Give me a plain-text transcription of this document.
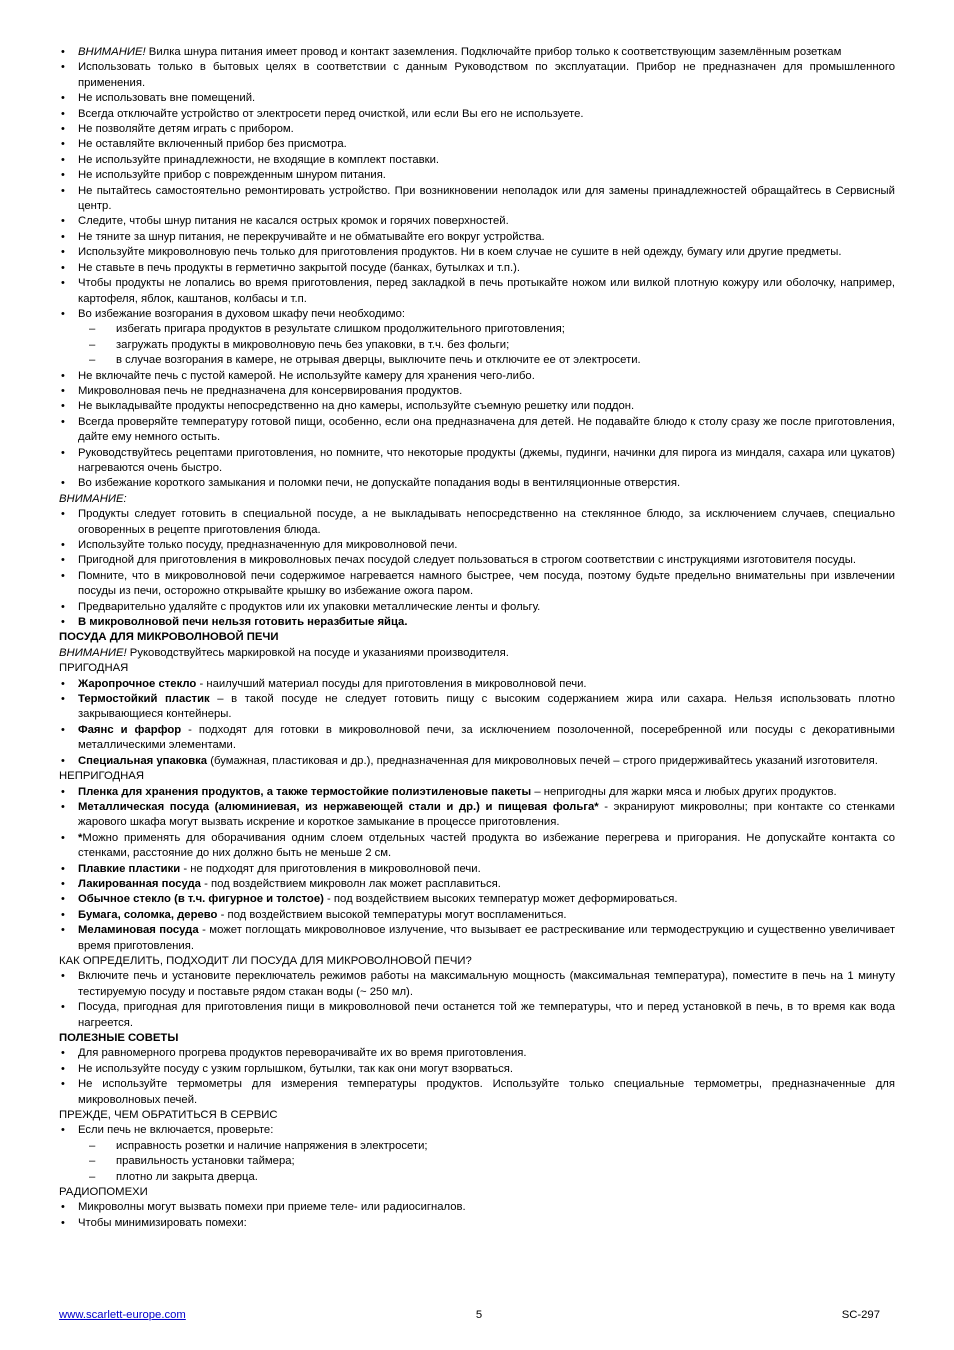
• ВНИМАНИЕ! Вилка шнура питания имеет провод и контакт заземления. Подключайте прибор только к соответствующим заземлённым розеткам
• Использовать только в бытовых целях в соответствии с данным Руководством по эксплуатации. Прибор не предназначен для промышленного применения.
• Не использовать вне помещений.
• Всегда отключайте устройство от электросети перед очисткой, или если Вы его не используете.
• Не позволяйте детям играть с прибором.
• Не оставляйте включенный прибор без присмотра.
• Не используйте принадлежности, не входящие в комплект поставки.
• Не используйте прибор с поврежденным шнуром питания.
• Не пытайтесь самостоятельно ремонтировать устройство. При возникновении неполадок или для замены принадлежностей обращайтесь в Сервисный центр.
• Следите, чтобы шнур питания не касался острых кромок и горячих поверхностей.
• Не тяните за шнур питания, не перекручивайте и не обматывайте его вокруг устройства.
• Используйте микроволновую печь только для приготовления продуктов. Ни в коем случае не сушите в ней одежду, бумагу или другие предметы.
• Не ставьте в печь продукты в герметично закрытой посуде (банках, бутылках и т.п.).
• Чтобы продукты не лопались во время приготовления, перед закладкой в печь протыкайте ножом или вилкой плотную кожуру или оболочку, например, картофеля, яблок, каштанов, колбасы и т.п.
• Во избежание возгорания в духовом шкафу печи необходимо:
– избегать пригара продуктов в результате слишком продолжительного приготовления;
– загружать продукты в микроволновую печь без упаковки, в т.ч. без фольги;
– в случае возгорания в камере, не отрывая дверцы, выключите печь и отключите ее от электросети.
• Не включайте печь с пустой камерой. Не используйте камеру для хранения чего-либо.
• Микроволновая печь не предназначена для консервирования продуктов.
• Не выкладывайте продукты непосредственно на дно камеры, используйте съемную решетку или поддон.
• Всегда проверяйте температуру готовой пищи, особенно, если она предназначена для детей. Не подавайте блюдо к столу сразу же после приготовления, дайте ему немного остыть.
• Руководствуйтесь рецептами приготовления, но помните, что некоторые продукты (джемы, пудинги, начинки для пирога из миндаля, сахара или цукатов) нагреваются очень быстро.
• Во избежание короткого замыкания и поломки печи, не допускайте попадания воды в вентиляционные отверстия.
ВНИМАНИЕ:
• Продукты следует готовить в специальной посуде, а не выкладывать непосредственно на стеклянное блюдо, за исключением случаев, специально оговоренных в рецепте приготовления блюда.
• Используйте только посуду, предназначенную для микроволновой печи.
• Пригодной для приготовления в микроволновых печах посудой следует пользоваться в строгом соответствии с инструкциями изготовителя посуды.
• Помните, что в микроволновой печи содержимое нагревается намного быстрее, чем посуда, поэтому будьте предельно внимательны при извлечении посуды из печи, осторожно открывайте крышку во избежание ожога паром.
• Предварительно удаляйте с продуктов или их упаковки металлические ленты и фольгу.
• В микроволновой печи нельзя готовить неразбитые яйца.
ПОСУДА ДЛЯ МИКРОВОЛНОВОЙ ПЕЧИ
ВНИМАНИЕ! Руководствуйтесь маркировкой на посуде и указаниями производителя.
ПРИГОДНАЯ
• Жаропрочное стекло - наилучший материал посуды для приготовления в микроволновой печи.
• Термостойкий пластик – в такой посуде не следует готовить пищу с высоким содержанием жира или сахара. Нельзя использовать плотно закрывающиеся контейнеры.
• Фаянс и фарфор - подходят для готовки в микроволновой печи, за исключением позолоченной, посеребренной или посуды с декоративными металлическими элементами.
• Специальная упаковка (бумажная, пластиковая и др.), предназначенная для микроволновых печей – строго придерживайтесь указаний изготовителя.
НЕПРИГОДНАЯ
• Пленка для хранения продуктов, а также термостойкие полиэтиленовые пакеты – непригодны для жарки мяса и любых других продуктов.
• Металлическая посуда (алюминиевая, из нержавеющей стали и др.) и пищевая фольга* - экранируют микроволны; при контакте со стенками жарового шкафа могут вызвать искрение и короткое замыкание в процессе приготовления.
• *Можно применять для оборачивания одним слоем отдельных частей продукта во избежание перегрева и пригорания. Не допускайте контакта со стенками, расстояние до них должно быть не меньше 2 см.
• Плавкие пластики - не подходят для приготовления в микроволновой печи.
• Лакированная посуда - под воздействием микроволн лак может расплавиться.
• Обычное стекло (в т.ч. фигурное и толстое) - под воздействием высоких температур может деформироваться.
• Бумага, соломка, дерево - под воздействием высокой температуры могут воспламениться.
• Меламиновая посуда - может поглощать микроволновое излучение, что вызывает ее растрескивание или термодеструкцию и существенно увеличивает время приготовления.
КАК ОПРЕДЕЛИТЬ, ПОДХОДИТ ЛИ ПОСУДА ДЛЯ МИКРОВОЛНОВОЙ ПЕЧИ?
• Включите печь и установите переключатель режимов работы на максимальную мощность (максимальная температура), поместите в печь на 1 минуту тестируемую посуду и поставьте рядом стакан воды (~ 250 мл).
• Посуда, пригодная для приготовления пищи в микроволновой печи останется той же температуры, что и перед установкой в печь, в то время как вода нагреется.
ПОЛЕЗНЫЕ СОВЕТЫ
• Для равномерного прогрева продуктов переворачивайте их во время приготовления.
• Не используйте посуду с узким горлышком, бутылки, так как они могут взорваться.
• Не используйте термометры для измерения температуры продуктов. Используйте только специальные термометры, предназначенные для микроволновых печей.
ПРЕЖДЕ, ЧЕМ ОБРАТИТЬСЯ В СЕРВИС
• Если печь не включается, проверьте:
– исправность розетки и наличие напряжения в электросети;
– правильность установки таймера;
– плотно ли закрыта дверца.
РАДИОПОМЕХИ
• Микроволны могут вызвать помехи при приеме теле- или радиосигналов.
• Чтобы минимизировать помехи:
www.scarlett-europe.com	5	SC-297
